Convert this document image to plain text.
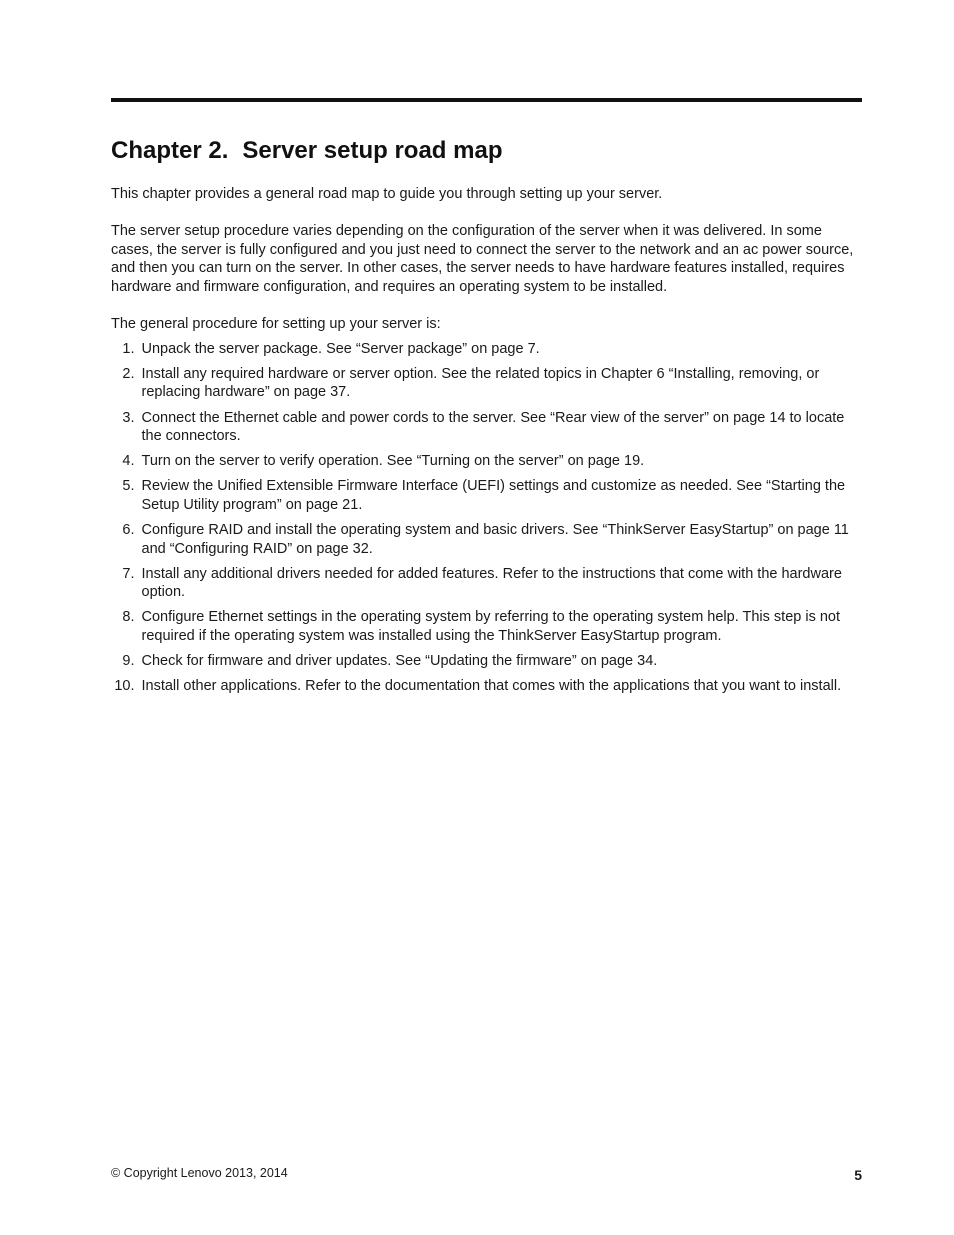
Chapter 2. Server setup road map

This chapter provides a general road map to guide you through setting up your server.

The server setup procedure varies depending on the configuration of the server when it was delivered. In some cases, the server is fully configured and you just need to connect the server to the network and an ac power source, and then you can turn on the server. In other cases, the server needs to have hardware features installed, requires hardware and firmware configuration, and requires an operating system to be installed.

The general procedure for setting up your server is:

1. Unpack the server package. See “Server package” on page 7.
2. Install any required hardware or server option. See the related topics in Chapter 6 “Installing, removing, or replacing hardware” on page 37.
3. Connect the Ethernet cable and power cords to the server. See “Rear view of the server” on page 14 to locate the connectors.
4. Turn on the server to verify operation. See “Turning on the server” on page 19.
5. Review the Unified Extensible Firmware Interface (UEFI) settings and customize as needed. See “Starting the Setup Utility program” on page 21.
6. Configure RAID and install the operating system and basic drivers. See “ThinkServer EasyStartup” on page 11 and “Configuring RAID” on page 32.
7. Install any additional drivers needed for added features. Refer to the instructions that come with the hardware option.
8. Configure Ethernet settings in the operating system by referring to the operating system help. This step is not required if the operating system was installed using the ThinkServer EasyStartup program.
9. Check for firmware and driver updates. See “Updating the firmware” on page 34.
10. Install other applications. Refer to the documentation that comes with the applications that you want to install.
© Copyright Lenovo 2013, 2014	5
